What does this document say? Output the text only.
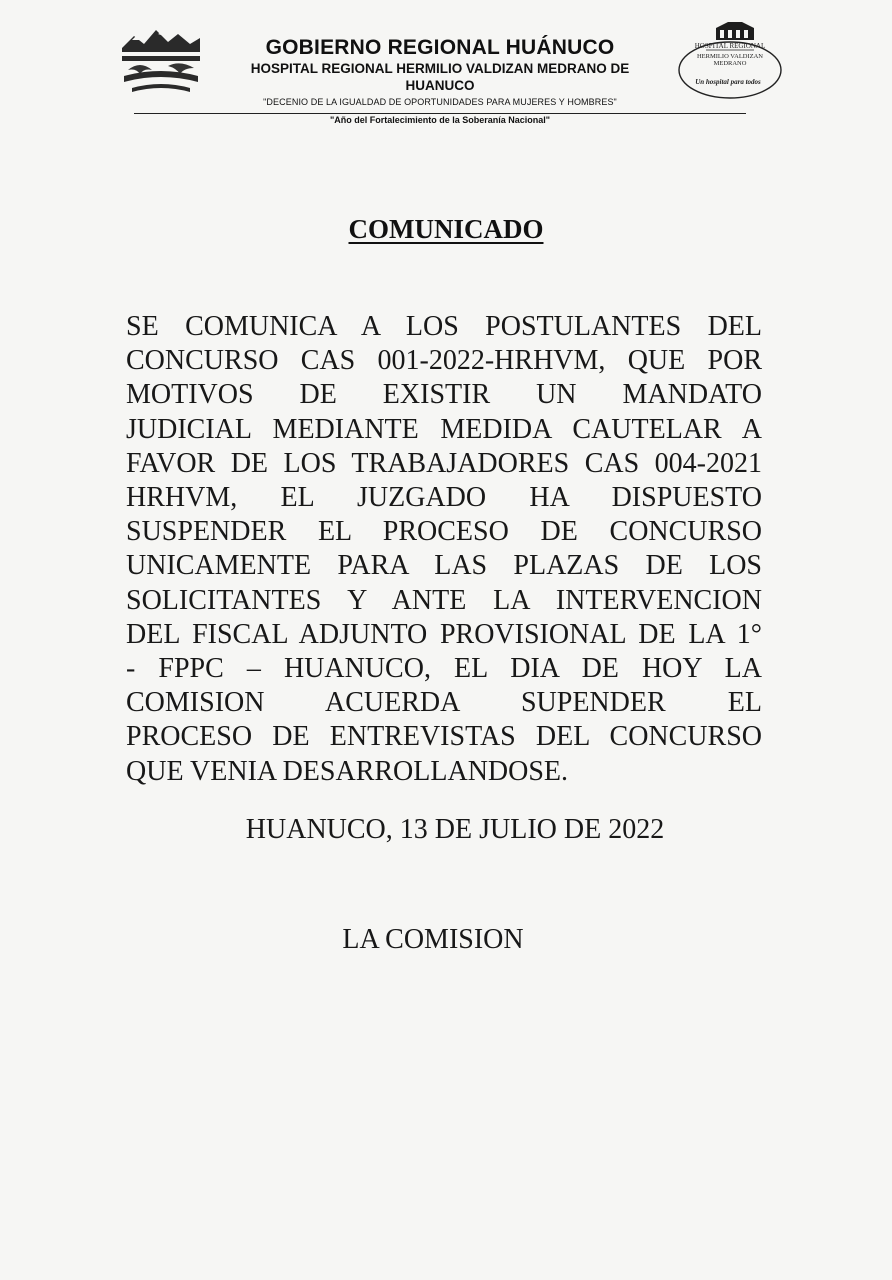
GOBIERNO REGIONAL HUÁNUCO
HOSPITAL REGIONAL HERMILIO VALDIZAN MEDRANO DE
HUANUCO
"DECENIO DE LA IGUALDAD DE OPORTUNIDADES PARA MUJERES Y HOMBRES"
"Año del Fortalecimiento de la Soberanía Nacional"
HOSPITAL REGIONAL
HERMILIO VALDIZAN
MEDRANO
Un hospital para todos
COMUNICADO
SE COMUNICA A LOS POSTULANTES DEL
CONCURSO CAS 001-2022-HRHVM, QUE POR
MOTIVOS DE EXISTIR UN MANDATO
JUDICIAL MEDIANTE MEDIDA CAUTELAR A
FAVOR DE LOS TRABAJADORES CAS 004-2021
HRHVM, EL JUZGADO HA DISPUESTO
SUSPENDER EL PROCESO DE CONCURSO
UNICAMENTE PARA LAS PLAZAS DE LOS
SOLICITANTES Y ANTE LA INTERVENCION
DEL FISCAL ADJUNTO PROVISIONAL DE LA 1°
- FPPC – HUANUCO, EL DIA DE HOY LA
COMISION ACUERDA SUPENDER EL
PROCESO DE ENTREVISTAS DEL CONCURSO
QUE VENIA DESARROLLANDOSE.
HUANUCO, 13 DE JULIO DE 2022
LA COMISION
